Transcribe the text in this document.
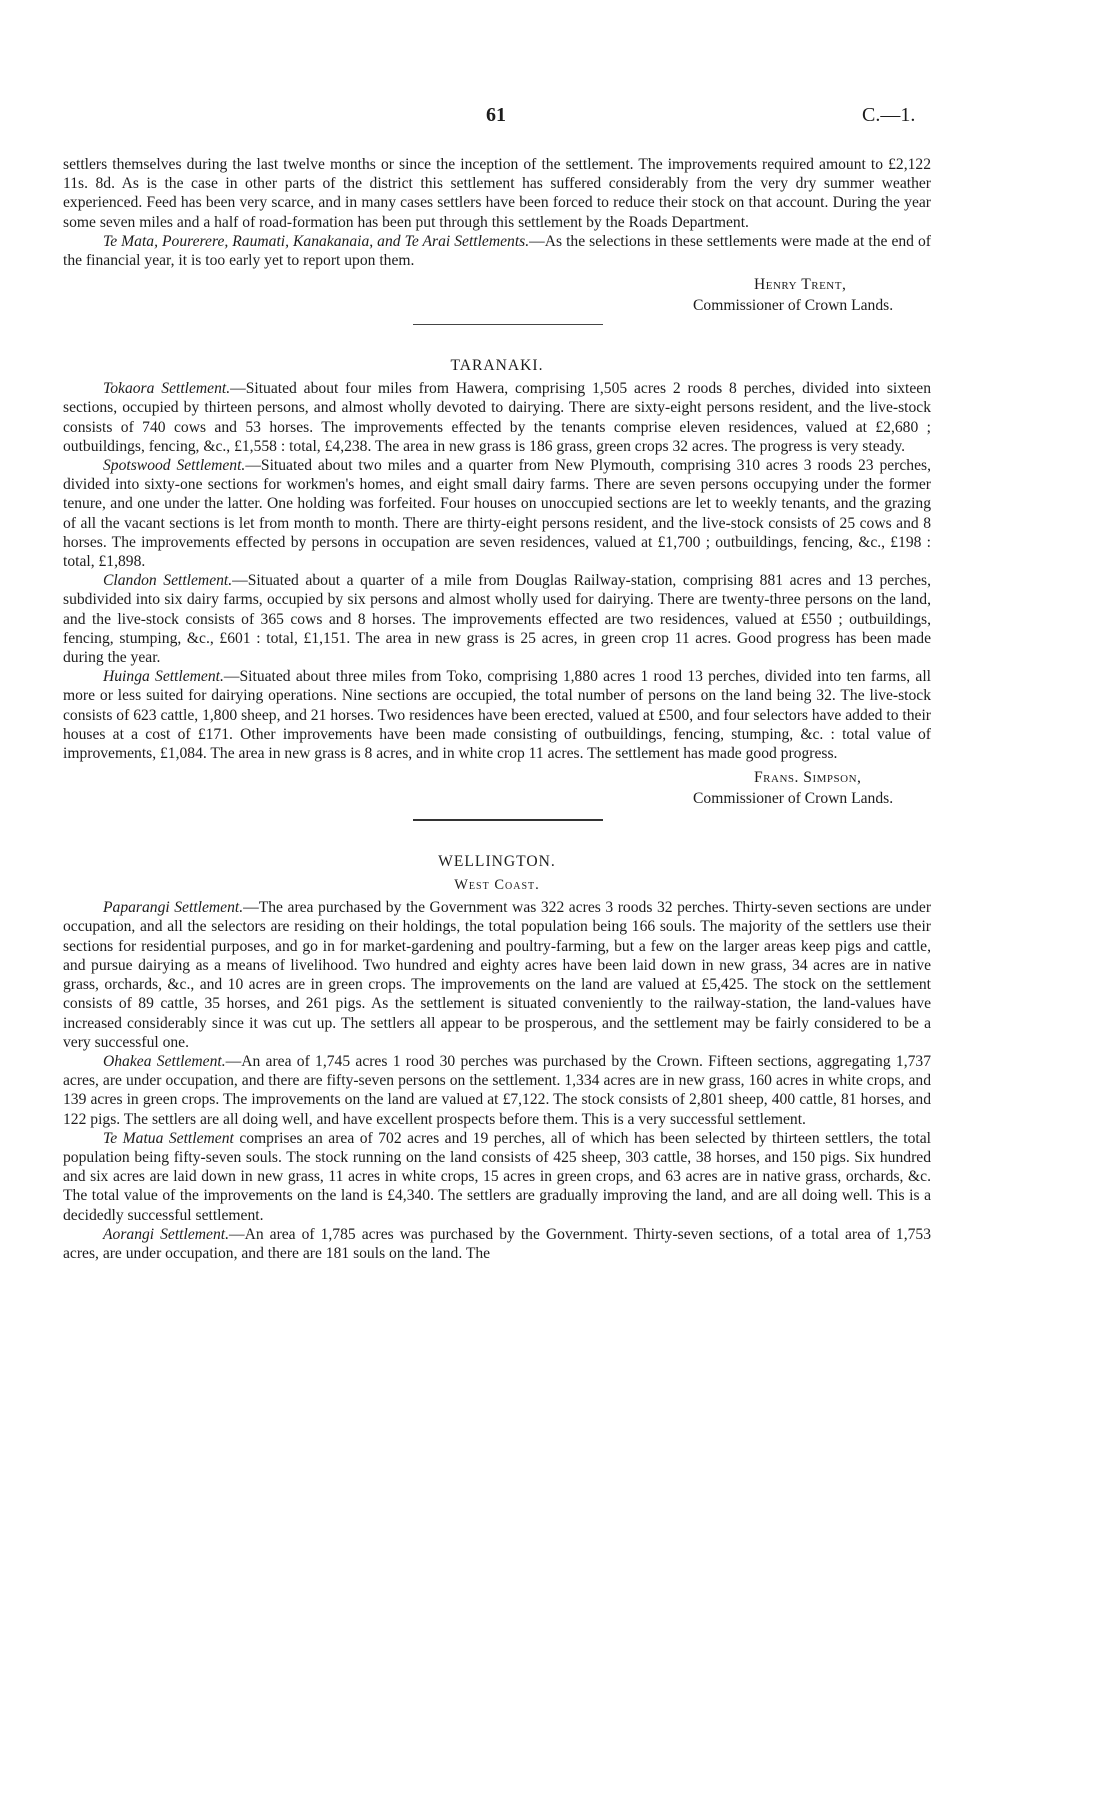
61	C.—1.

settlers themselves during the last twelve months or since the inception of the settlement. The improvements required amount to £2,122 11s. 8d. As is the case in other parts of the district this settlement has suffered considerably from the very dry summer weather experienced. Feed has been very scarce, and in many cases settlers have been forced to reduce their stock on that account. During the year some seven miles and a half of road-formation has been put through this settlement by the Roads Department.

Te Mata, Pourerere, Raumati, Kanakanaia, and Te Arai Settlements.—As the selections in these settlements were made at the end of the financial year, it is too early yet to report upon them.

Henry Trent,
Commissioner of Crown Lands.
TARANAKI.

Tokaora Settlement.—Situated about four miles from Hawera, comprising 1,505 acres 2 roods 8 perches, divided into sixteen sections, occupied by thirteen persons, and almost wholly devoted to dairying. There are sixty-eight persons resident, and the live-stock consists of 740 cows and 53 horses. The improvements effected by the tenants comprise eleven residences, valued at £2,680 ; outbuildings, fencing, &c., £1,558 : total, £4,238. The area in new grass is 186 grass, green crops 32 acres. The progress is very steady.

Spotswood Settlement.—Situated about two miles and a quarter from New Plymouth, comprising 310 acres 3 roods 23 perches, divided into sixty-one sections for workmen's homes, and eight small dairy farms. There are seven persons occupying under the former tenure, and one under the latter. One holding was forfeited. Four houses on unoccupied sections are let to weekly tenants, and the grazing of all the vacant sections is let from month to month. There are thirty-eight persons resident, and the live-stock consists of 25 cows and 8 horses. The improvements effected by persons in occupation are seven residences, valued at £1,700 ; outbuildings, fencing, &c., £198 : total, £1,898.

Clandon Settlement.—Situated about a quarter of a mile from Douglas Railway-station, comprising 881 acres and 13 perches, subdivided into six dairy farms, occupied by six persons and almost wholly used for dairying. There are twenty-three persons on the land, and the live-stock consists of 365 cows and 8 horses. The improvements effected are two residences, valued at £550 ; outbuildings, fencing, stumping, &c., £601 : total, £1,151. The area in new grass is 25 acres, in green crop 11 acres. Good progress has been made during the year.

Huinga Settlement.—Situated about three miles from Toko, comprising 1,880 acres 1 rood 13 perches, divided into ten farms, all more or less suited for dairying operations. Nine sections are occupied, the total number of persons on the land being 32. The live-stock consists of 623 cattle, 1,800 sheep, and 21 horses. Two residences have been erected, valued at £500, and four selectors have added to their houses at a cost of £171. Other improvements have been made consisting of outbuildings, fencing, stumping, &c. : total value of improvements, £1,084. The area in new grass is 8 acres, and in white crop 11 acres. The settlement has made good progress.

Frans. Simpson,
Commissioner of Crown Lands.
WELLINGTON.
West Coast.

Paparangi Settlement.—The area purchased by the Government was 322 acres 3 roods 32 perches. Thirty-seven sections are under occupation, and all the selectors are residing on their holdings, the total population being 166 souls. The majority of the settlers use their sections for residential purposes, and go in for market-gardening and poultry-farming, but a few on the larger areas keep pigs and cattle, and pursue dairying as a means of livelihood. Two hundred and eighty acres have been laid down in new grass, 34 acres are in native grass, orchards, &c., and 10 acres are in green crops. The improvements on the land are valued at £5,425. The stock on the settlement consists of 89 cattle, 35 horses, and 261 pigs. As the settlement is situated conveniently to the railway-station, the land-values have increased considerably since it was cut up. The settlers all appear to be prosperous, and the settlement may be fairly considered to be a very successful one.

Ohakea Settlement.—An area of 1,745 acres 1 rood 30 perches was purchased by the Crown. Fifteen sections, aggregating 1,737 acres, are under occupation, and there are fifty-seven persons on the settlement. 1,334 acres are in new grass, 160 acres in white crops, and 139 acres in green crops. The improvements on the land are valued at £7,122. The stock consists of 2,801 sheep, 400 cattle, 81 horses, and 122 pigs. The settlers are all doing well, and have excellent prospects before them. This is a very successful settlement.

Te Matua Settlement comprises an area of 702 acres and 19 perches, all of which has been selected by thirteen settlers, the total population being fifty-seven souls. The stock running on the land consists of 425 sheep, 303 cattle, 38 horses, and 150 pigs. Six hundred and six acres are laid down in new grass, 11 acres in white crops, 15 acres in green crops, and 63 acres are in native grass, orchards, &c. The total value of the improvements on the land is £4,340. The settlers are gradually improving the land, and are all doing well. This is a decidedly successful settlement.

Aorangi Settlement.—An area of 1,785 acres was purchased by the Government. Thirty-seven sections, of a total area of 1,753 acres, are under occupation, and there are 181 souls on the land. The
